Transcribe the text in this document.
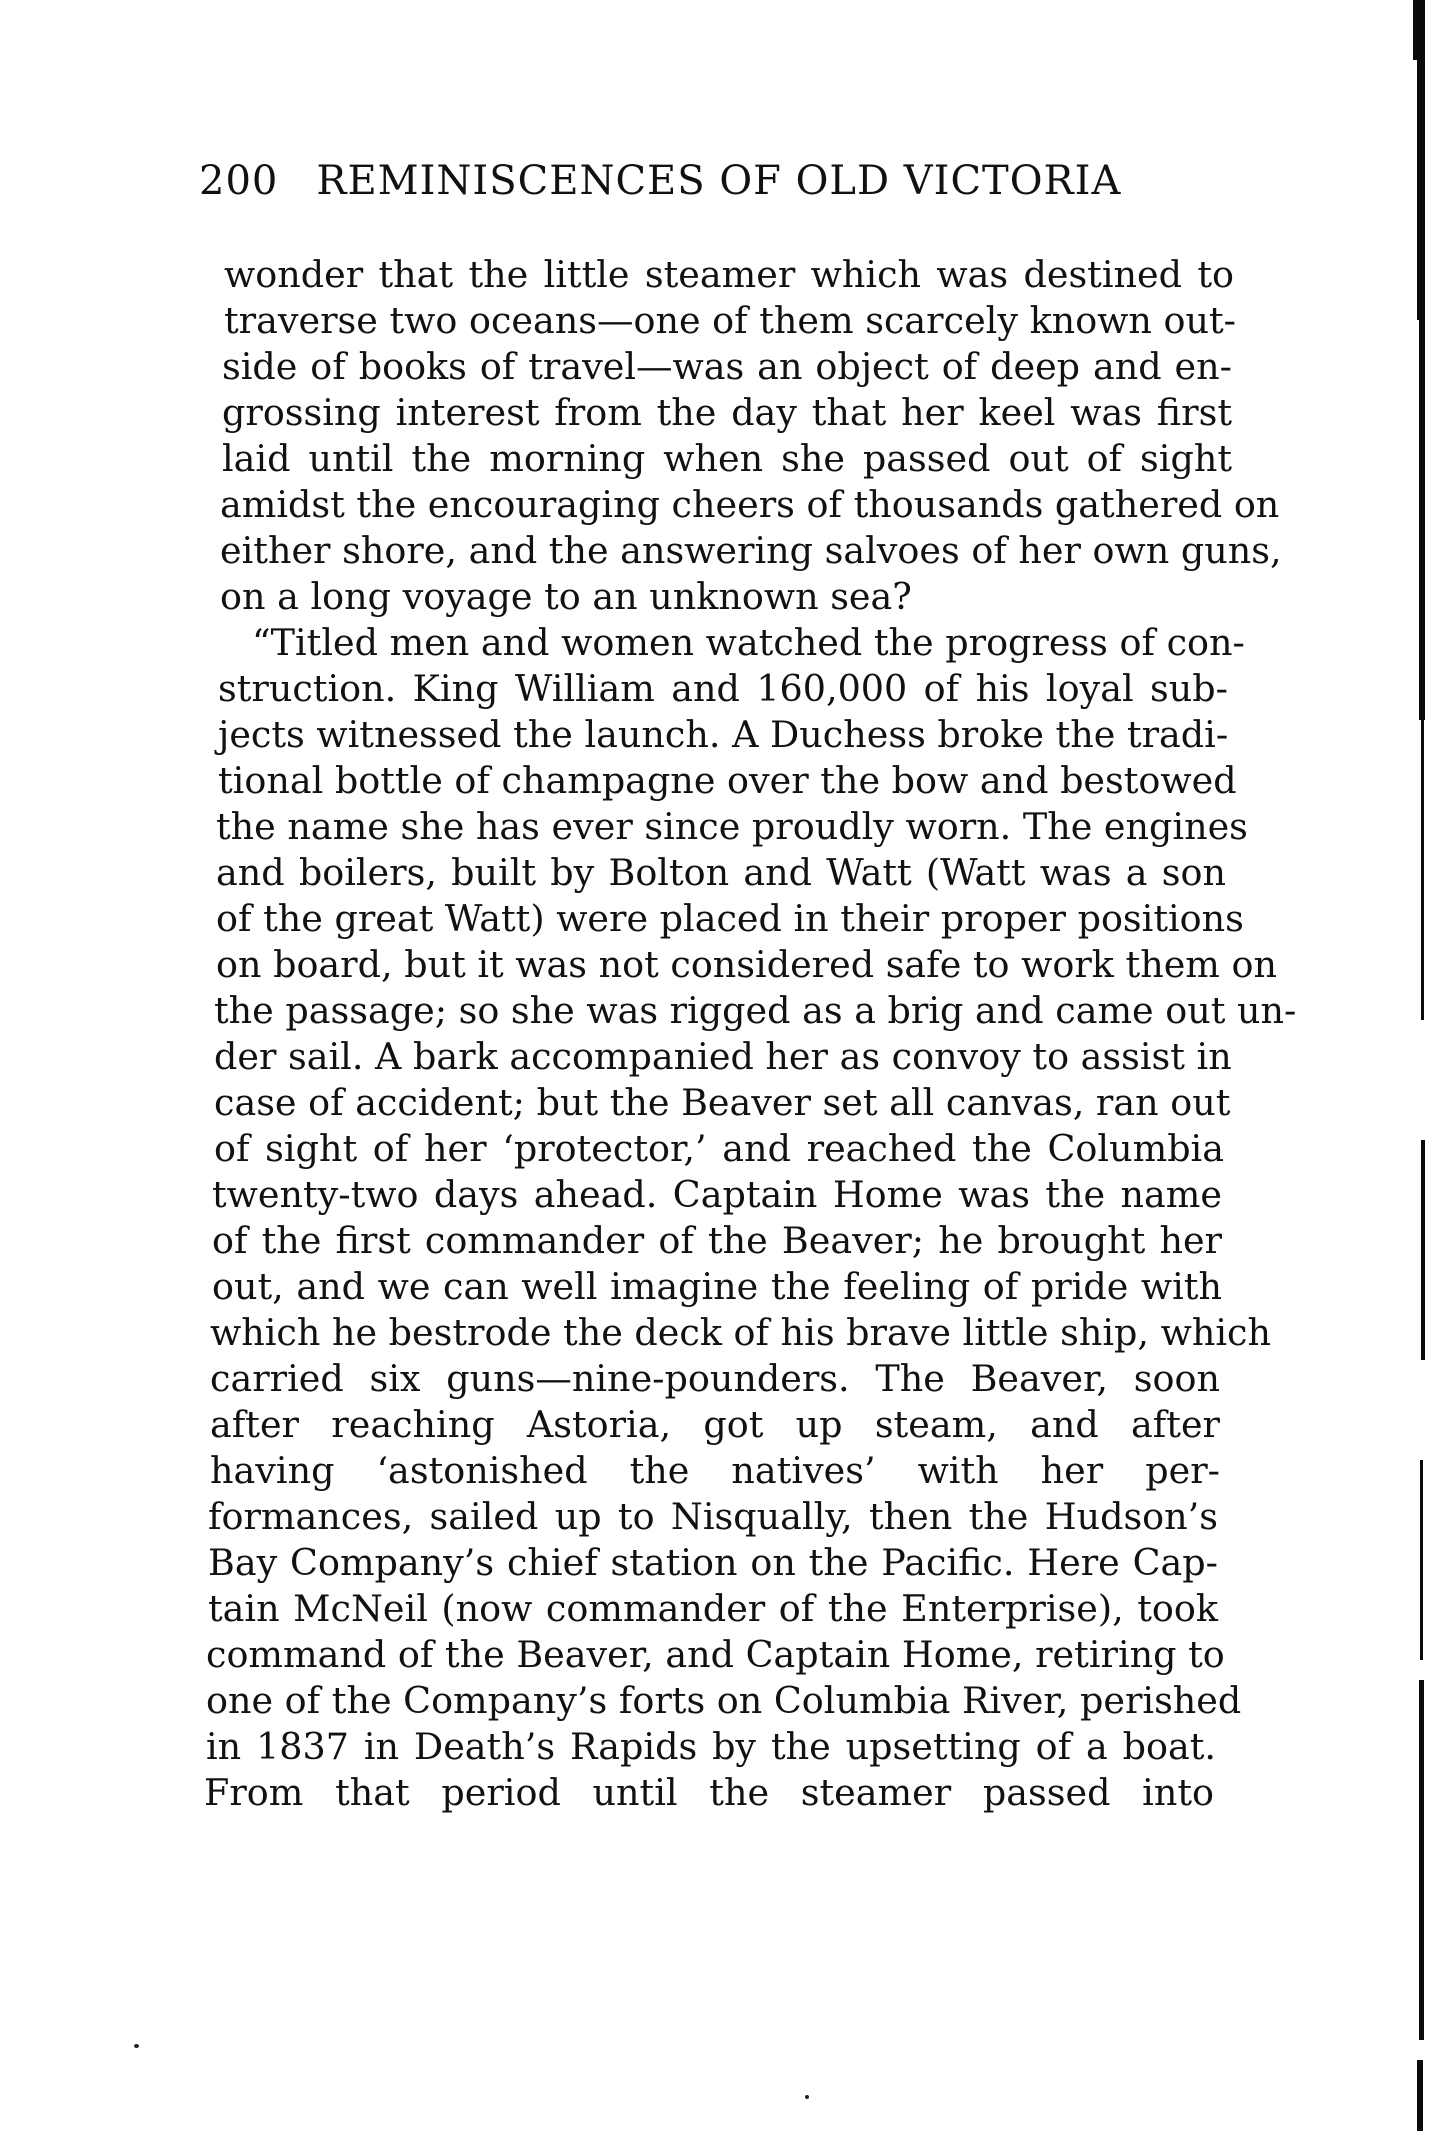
200 REMINISCENCES OF OLD VICTORIA
wonder that the little steamer which was destined to
traverse two oceans—one of them scarcely known out-
side of books of travel—was an object of deep and en-
grossing interest from the day that her keel was first
laid until the morning when she passed out of sight
amidst the encouraging cheers of thousands gathered on
either shore, and the answering salvoes of her own guns,
on a long voyage to an unknown sea?
“Titled men and women watched the progress of con-
struction. King William and 160,000 of his loyal sub-
jects witnessed the launch. A Duchess broke the tradi-
tional bottle of champagne over the bow and bestowed
the name she has ever since proudly worn. The engines
and boilers, built by Bolton and Watt (Watt was a son
of the great Watt) were placed in their proper positions
on board, but it was not considered safe to work them on
the passage; so she was rigged as a brig and came out un-
der sail. A bark accompanied her as convoy to assist in
case of accident; but the Beaver set all canvas, ran out
of sight of her ‘protector,’ and reached the Columbia
twenty-two days ahead. Captain Home was the name
of the first commander of the Beaver; he brought her
out, and we can well imagine the feeling of pride with
which he bestrode the deck of his brave little ship, which
carried six guns—nine-pounders. The Beaver, soon
after reaching Astoria, got up steam, and after
having ‘astonished the natives’ with her per-
formances, sailed up to Nisqually, then the Hudson’s
Bay Company’s chief station on the Pacific. Here Cap-
tain McNeil (now commander of the Enterprise), took
command of the Beaver, and Captain Home, retiring to
one of the Company’s forts on Columbia River, perished
in 1837 in Death’s Rapids by the upsetting of a boat.
From that period until the steamer passed into
